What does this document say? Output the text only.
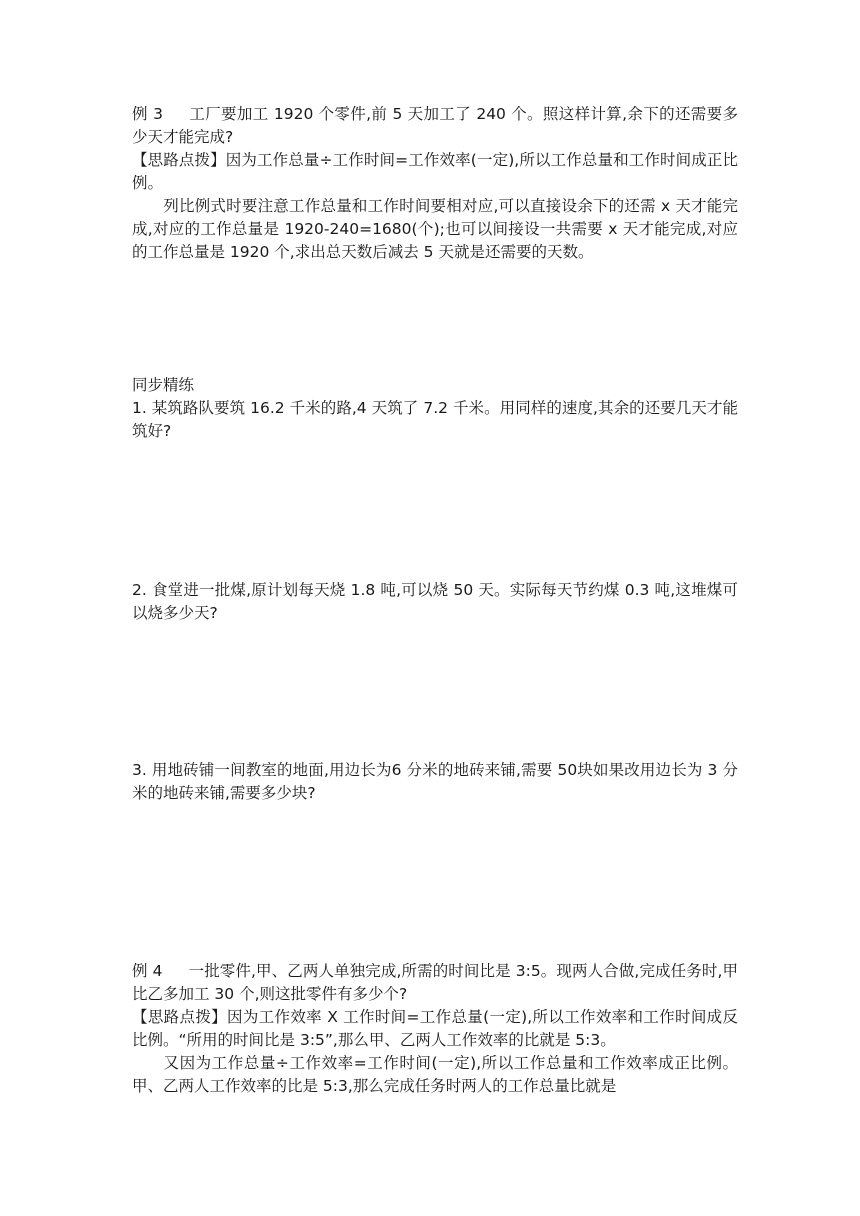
例 3 工厂要加工 1920 个零件,前 5 天加工了 240 个。照这样计算,余下的还需要多少天才能完成?

【思路点拨】因为工作总量÷工作时间=工作效率(一定),所以工作总量和工作时间成正比例。

列比例式时要注意工作总量和工作时间要相对应,可以直接设余下的还需 x 天才能完成,对应的工作总量是 1920-240=1680(个);也可以间接设一共需要 x 天才能完成,对应的工作总量是 1920 个,求出总天数后减去 5 天就是还需要的天数。

同步精练

1. 某筑路队要筑 16.2 千米的路,4 天筑了 7.2 千米。用同样的速度,其余的还要几天才能筑好?

2. 食堂进一批煤,原计划每天烧 1.8 吨,可以烧 50 天。实际每天节约煤 0.3 吨,这堆煤可以烧多少天?

3. 用地砖铺一间教室的地面,用边长为6 分米的地砖来铺,需要 50块如果改用边长为 3 分米的地砖来铺,需要多少块?

例 4 一批零件,甲、乙两人单独完成,所需的时间比是 3:5。现两人合做,完成任务时,甲比乙多加工 30 个,则这批零件有多少个?

【思路点拨】因为工作效率 X 工作时间=工作总量(一定),所以工作效率和工作时间成反比例。“所用的时间比是 3:5”,那么甲、乙两人工作效率的比就是 5:3。

又因为工作总量÷工作效率=工作时间(一定),所以工作总量和工作效率成正比例。甲、乙两人工作效率的比是 5:3,那么完成任务时两人的工作总量比就是
